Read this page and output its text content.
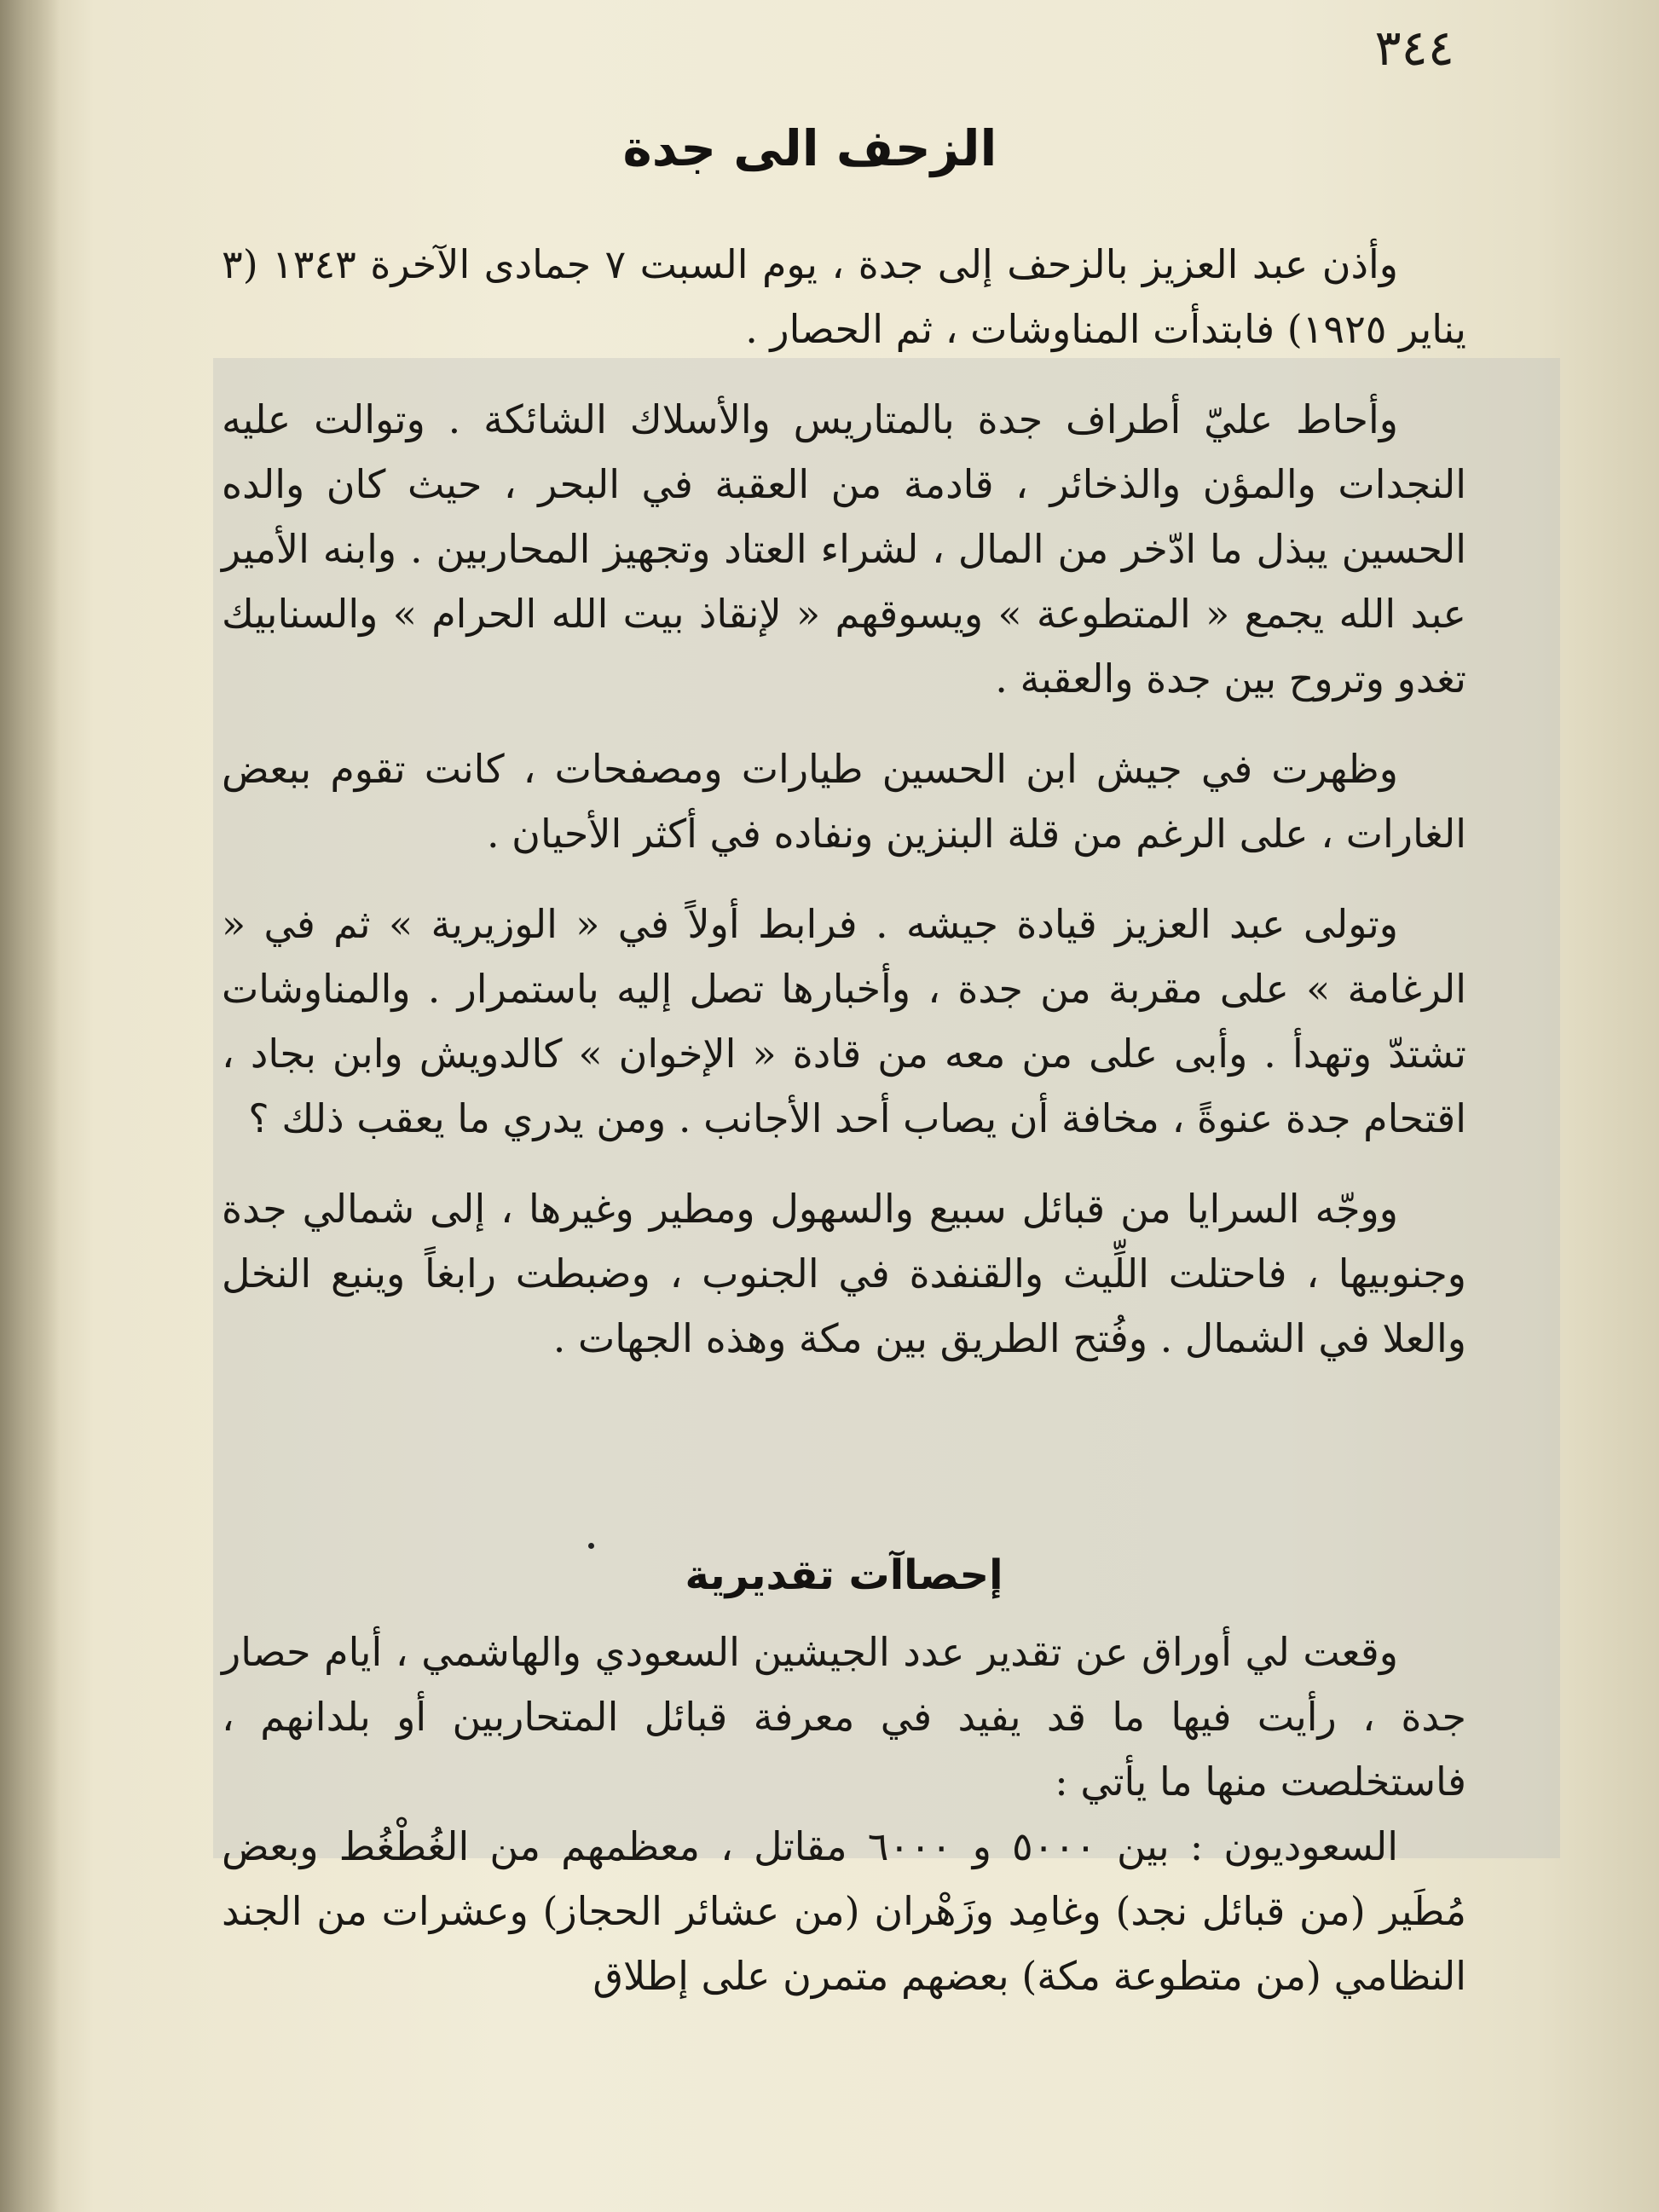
٣٤٤
الزحف الى جدة

وأذن عبد العزيز بالزحف إلى جدة ، يوم السبت ٧ جمادى الآخرة ١٣٤٣ (٣ يناير ١٩٢٥) فابتدأت المناوشات ، ثم الحصار .

وأحاط عليّ أطراف جدة بالمتاريس والأسلاك الشائكة . وتوالت عليه النجدات والمؤن والذخائر ، قادمة من العقبة في البحر ، حيث كان والده الحسين يبذل ما ادّخر من المال ، لشراء العتاد وتجهيز المحاربين . وابنه الأمير عبد الله يجمع « المتطوعة » ويسوقهم « لإنقاذ بيت الله الحرام » والسنابيك تغدو وتروح بين جدة والعقبة .

وظهرت في جيش ابن الحسين طيارات ومصفحات ، كانت تقوم ببعض الغارات ، على الرغم من قلة البنزين ونفاده في أكثر الأحيان .

وتولى عبد العزيز قيادة جيشه . فرابط أولاً في « الوزيرية » ثم في « الرغامة » على مقربة من جدة ، وأخبارها تصل إليه باستمرار . والمناوشات تشتدّ وتهدأ . وأبى على من معه من قادة « الإخوان » كالدويش وابن بجاد ، اقتحام جدة عنوةً ، مخافة أن يصاب أحد الأجانب . ومن يدري ما يعقب ذلك ؟

ووجّه السرايا من قبائل سبيع والسهول ومطير وغيرها ، إلى شمالي جدة وجنوبيها ، فاحتلت اللِّيث والقنفدة في الجنوب ، وضبطت رابغاً وينبع النخل والعلا في الشمال . وفُتح الطريق بين مكة وهذه الجهات .

إحصاآت تقديرية

وقعت لي أوراق عن تقدير عدد الجيشين السعودي والهاشمي ، أيام حصار جدة ، رأيت فيها ما قد يفيد في معرفة قبائل المتحاربين أو بلدانهم ، فاستخلصت منها ما يأتي :

السعوديون : بين ٥٠٠٠ و ٦٠٠٠ مقاتل ، معظمهم من الغُطْغُط وبعض مُطَير (من قبائل نجد) وغامِد وزَهْران (من عشائر الحجاز) وعشرات من الجند النظامي (من متطوعة مكة) بعضهم متمرن على إطلاق
